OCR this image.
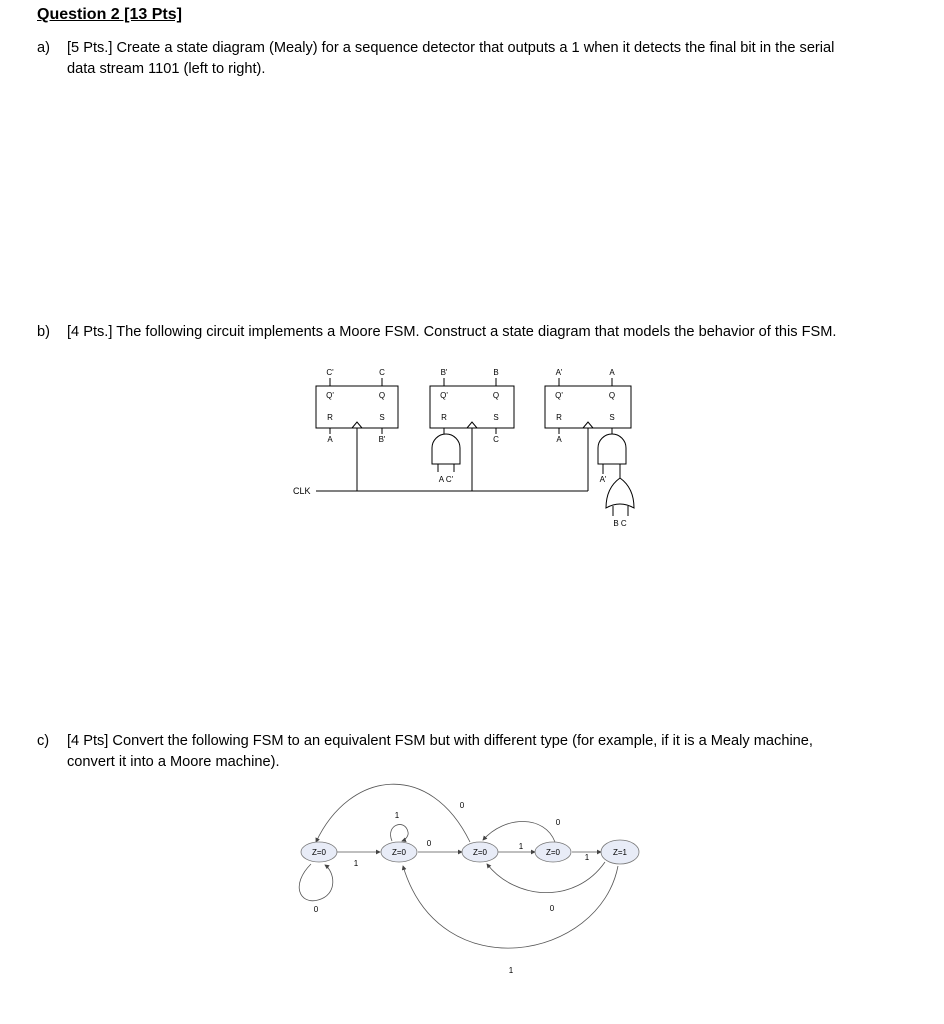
Question 2 [13 Pts]
a) [5 Pts.] Create a state diagram (Mealy) for a sequence detector that outputs a 1 when it detects the final bit in the serial
data stream 1101 (left to right).
b) [4 Pts.] The following circuit implements a Moore FSM. Construct a state diagram that models the behavior of this FSM.
C'	C
Q'	Q
R	S
A	B'
B'	B
Q'	Q
R	S
C
A C'
A'	A
Q'	Q
R	S
A
A'
B C
CLK
c) [4 Pts] Convert the following FSM to an equivalent FSM but with different type (for example, if it is a Mealy machine,
convert it into a Moore machine).
Z=0	Z=0	Z=0	Z=0	Z=1
0
1
1
0
0
1
0
1
0
1
